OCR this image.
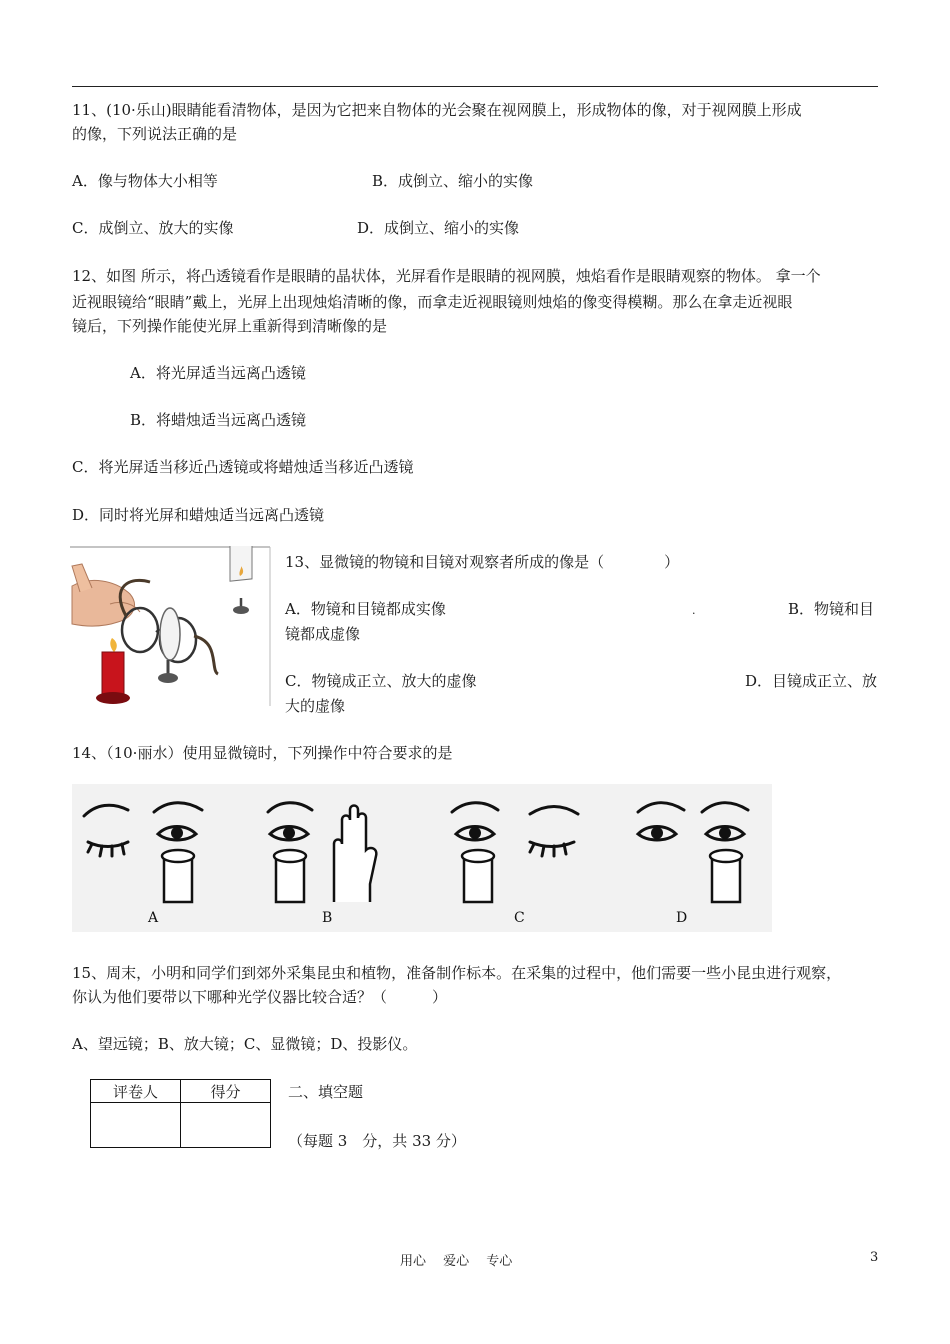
11、(10·乐山)眼睛能看清物体，是因为它把来自物体的光会聚在视网膜上，形成物体的像，对于视网膜上形成
的像，下列说法正确的是
A．像与物体大小相等	B．成倒立、缩小的实像
C．成倒立、放大的实像	D．成倒立、缩小的实像
12、如图 所示，将凸透镜看作是眼睛的晶状体，光屏看作是眼睛的视网膜，烛焰看作是眼睛观察的物体。 拿一个
近视眼镜给“眼睛”戴上，光屏上出现烛焰清晰的像，而拿走近视眼镜则烛焰的像变得模糊。那么在拿走近视眼
镜后，下列操作能使光屏上重新得到清晰像的是
A．将光屏适当远离凸透镜
B．将蜡烛适当远离凸透镜
C．将光屏适当移近凸透镜或将蜡烛适当移近凸透镜
D．同时将光屏和蜡烛适当远离凸透镜
13、显微镜的物镜和目镜对观察者所成的像是（　　　　）
A．物镜和目镜都成实像	.	B．物镜和目
镜都成虚像
C．物镜成正立、放大的虚像	D．目镜成正立、放
大的虚像
14、（10·丽水）使用显微镜时，下列操作中符合要求的是
A	B	C	D
15、周末，小明和同学们到郊外采集昆虫和植物，准备制作标本。在采集的过程中，他们需要一些小昆虫进行观察，
你认为他们要带以下哪种光学仪器比较合适？（　　　）
A、望远镜；B、放大镜；C、显微镜；D、投影仪。
评卷人	得分
		二、填空题
（每题 3　分，共 33 分）
用心　 爱心　 专心	3
